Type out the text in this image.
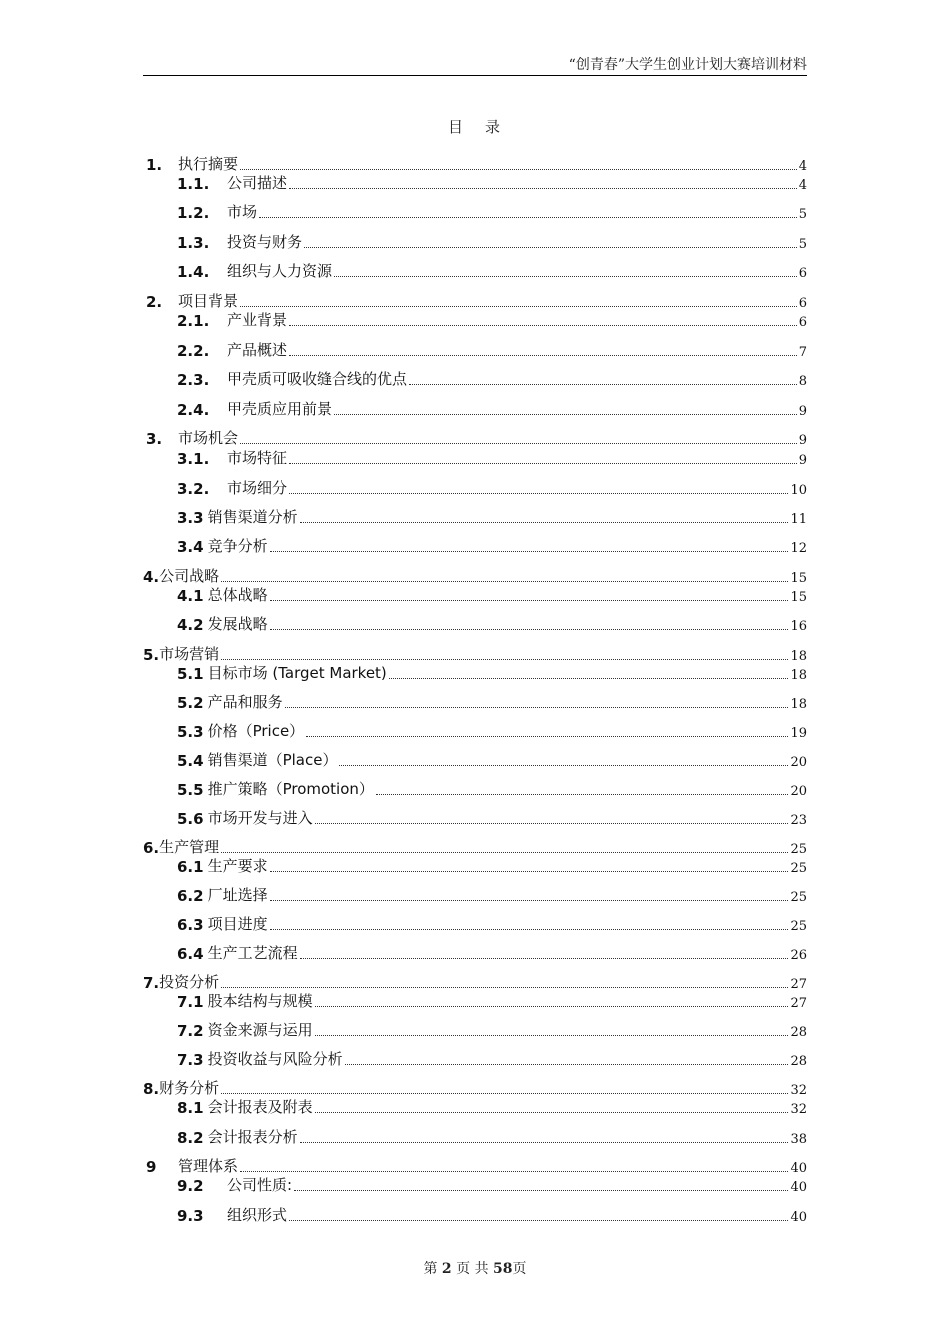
“创青春”大学生创业计划大赛培训材料
目 录
1.	执行摘要	4
1.1.	公司描述	4
1.2.	市场	5
1.3.	投资与财务	5
1.4.	组织与人力资源	6
2.	项目背景	6
2.1.	产业背景	6
2.2.	产品概述	7
2.3.	甲壳质可吸收缝合线的优点	8
2.4.	甲壳质应用前景	9
3.	市场机会	9
3.1.	市场特征	9
3.2.	市场细分	10
3.3 销售渠道分析	11
3.4 竞争分析	12
4. 公司战略	15
4.1 总体战略	15
4.2 发展战略	16
5. 市场营销	18
5.1 目标市场 (Target Market)	18
5.2 产品和服务	18
5.3 价格（Price）	19
5.4 销售渠道（Place）	20
5.5 推广策略（Promotion）	20
5.6 市场开发与进入	23
6. 生产管理	25
6.1 生产要求	25
6.2 厂址选择	25
6.3 项目进度	25
6.4 生产工艺流程	26
7. 投资分析	27
7.1 股本结构与规模	27
7.2 资金来源与运用	28
7.3 投资收益与风险分析	28
8. 财务分析	32
8.1 会计报表及附表	32
8.2 会计报表分析	38
9	管理体系	40
9.2	公司性质:	40
9.3	组织形式	40
第 2 页 共 58页
